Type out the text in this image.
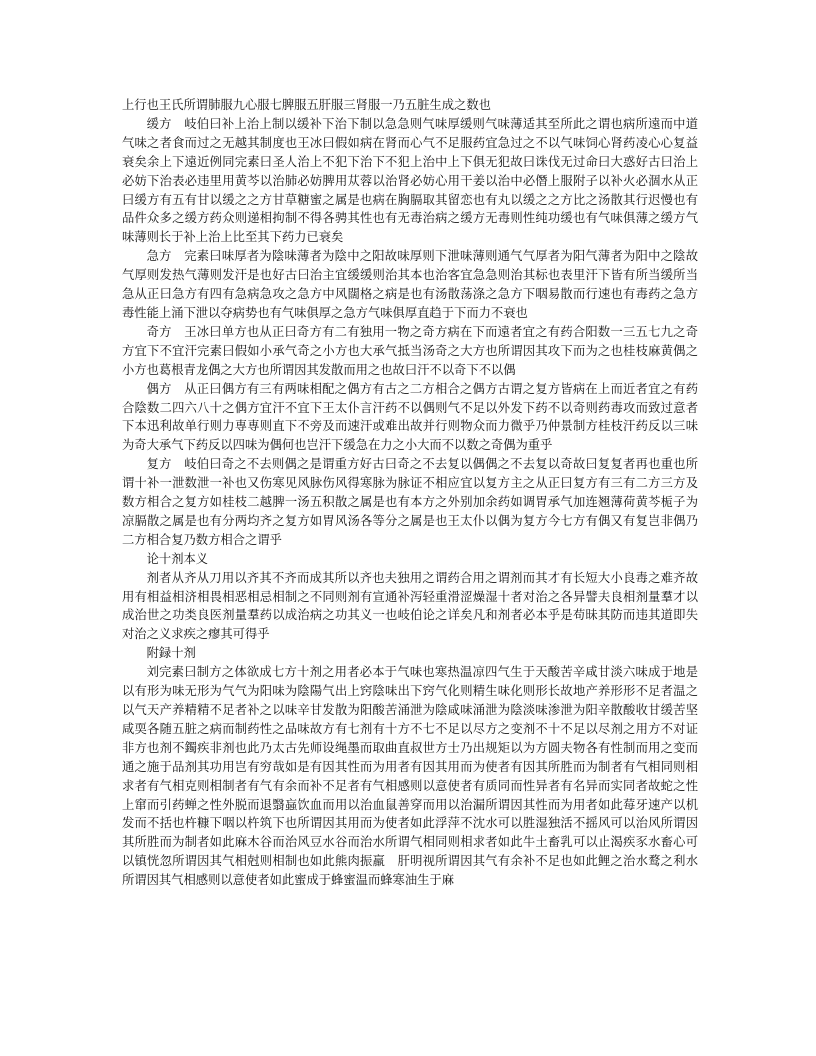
上行也王氏所谓肺服九心服七脾服五肝服三肾服一乃五脏生成之数也

缓方　岐伯曰补上治上制以缓补下治下制以急急则气味厚缓则气味薄适其至所此之谓也病所遠而中道气味之者食而过之无越其制度也王冰曰假如病在肾而心气不足服药宜急过之不以气味饲心肾药凌心心复益衰矣余上下遠近例同完素曰圣人治上不犯下治下不犯上治中上下俱无犯故曰诛伐无过命曰大惑好古曰治上必妨下治表必违里用黄芩以治肺必妨脾用苁蓉以治肾必妨心用干姜以治中必僭上服附子以补火必涸水从正曰缓方有五有甘以缓之之方甘草糖蜜之属是也病在胸膈取其留恋也有丸以缓之之方比之汤散其行迟慢也有品件众多之缓方药众则递相拘制不得各骋其性也有无毒治病之缓方无毒则性纯功缓也有气味俱薄之缓方气味薄则长于补上治上比至其下药力已衰矣

急方　完素曰味厚者为陰味薄者为陰中之阳故味厚则下泄味薄则通气气厚者为阳气薄者为阳中之陰故气厚则发热气薄则发汗是也好古曰治主宜缓缓则治其本也治客宜急急则治其标也表里汗下皆有所当缓所当急从正曰急方有四有急病急攻之急方中风闊格之病是也有汤散荡涤之急方下咽易散而行速也有毒药之急方毒性能上涌下泄以夺病势也有气味俱厚之急方气味俱厚直趋于下而力不衰也

奇方　王冰曰单方也从正曰奇方有二有独用一物之奇方病在下而遠者宜之有药合阳数一三五七九之奇方宜下不宜汗完素曰假如小承气奇之小方也大承气抵当汤奇之大方也所谓因其攻下而为之也桂枝麻黄偶之小方也葛根青龙偶之大方也所谓因其发散而用之也故曰汗不以奇下不以偶

偶方　从正曰偶方有三有两味相配之偶方有古之二方相合之偶方古谓之复方皆病在上而近者宜之有药合陰数二四六八十之偶方宜汗不宜下王太仆言汗药不以偶则气不足以外发下药不以奇则药毒攻而致过意者下本迅利故单行则力専専则直下不旁及而速汗或难出故并行则物众而力微乎乃仲景制方桂枝汗药反以三味为奇大承气下药反以四味为偶何也岂汗下缓急在力之小大而不以数之奇偶为重乎

复方　岐伯曰奇之不去则偶之是谓重方好古曰奇之不去复以偶偶之不去复以奇故曰复复者再也重也所谓十补一泄数泄一补也又伤寒见风脉伤风得寒脉为脉证不相应宜以复方主之从正曰复方有三有二方三方及数方相合之复方如桂枝二越脾一汤五积散之属是也有本方之外别加余药如调胃承气加连翘薄荷黄芩栀子为凉膈散之属是也有分两均齐之复方如胃风汤各等分之属是也王太仆以偶为复方今七方有偶又有复岂非偶乃二方相合复乃数方相合之谓乎

论十剂本义

剂者从齐从刀用以齐其不齐而成其所以齐也夫独用之谓药合用之谓剂而其才有长短大小良毒之难齐故用有相益相济相畏相恶相忌相制之不同则剂有宣通补泻轻重滑涩燥湿十者对治之各异譬夫良相剂量羣才以成治世之功类良医剂量羣药以成治病之功其义一也岐伯论之详矣凡和剂者必本乎是苟昧其防而违其道即失对治之义求疾之瘳其可得乎

附録十剂

刘完素曰制方之体欲成七方十剂之用者必本于气味也寒热温凉四气生于天酸苦辛咸甘淡六味成于地是以有形为味无形为气气为阳味为陰陽气出上窍陰味出下窍气化则精生味化则形长故地产养形形不足者温之以气天产养精精不足者补之以味辛甘发散为阳酸苦涌泄为陰咸味涌泄为陰淡味渗泄为阳辛散酸收甘缓苦坚咸耎各随五脏之病而制药性之品味故方有七剂有十方不七不足以尽方之变剂不十不足以尽剂之用方不对证非方也剂不鐲疾非剂也此乃太古先师设绳墨而取曲直叔世方士乃出规矩以为方圆夫物各有性制而用之变而通之施于品剂其功用岂有穷哉如是有因其性而为用者有因其用而为使者有因其所胜而为制者有气相同则相求者有气相克则相制者有气有余而补不足者有气相感则以意使者有质同而性异者有名异而实同者故蛇之性上窜而引药蝉之性外脱而退翳蝱饮血而用以治血鼠善穿而用以治漏所谓因其性而为用者如此莓牙速产以机发而不括也杵糠下咽以杵筑下也所谓因其用而为使者如此浮萍不沈水可以胜湿独活不摇风可以治风所谓因其所胜而为制者如此麻木谷而治风豆水谷而治水所谓气相同则相求者如此牛土畜乳可以止渴疾豕水畜心可以镇恍忽所谓因其气相尅则相制也如此熊肉振羸　肝明视所谓因其气有余补不足也如此鲤之治水鹜之利水所谓因其气相感则以意使者如此蜜成于蜂蜜温而蜂寒油生于麻
